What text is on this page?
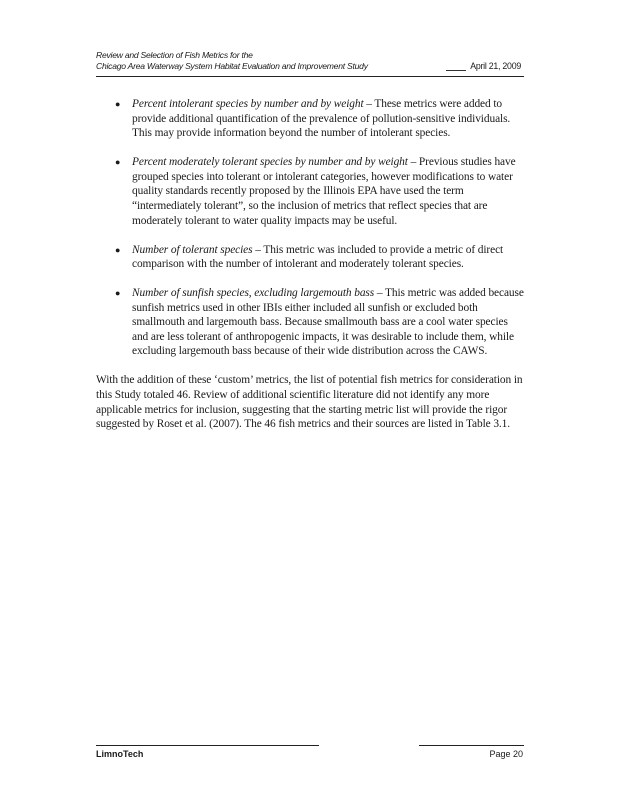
Review and Selection of Fish Metrics for the
Chicago Area Waterway System Habitat Evaluation and Improvement Study	April 21, 2009
● Percent intolerant species by number and by weight – These metrics were added to provide additional quantification of the prevalence of pollution-sensitive individuals. This may provide information beyond the number of intolerant species.
● Percent moderately tolerant species by number and by weight – Previous studies have grouped species into tolerant or intolerant categories, however modifications to water quality standards recently proposed by the Illinois EPA have used the term “intermediately tolerant”, so the inclusion of metrics that reflect species that are moderately tolerant to water quality impacts may be useful.
● Number of tolerant species – This metric was included to provide a metric of direct comparison with the number of intolerant and moderately tolerant species.
● Number of sunfish species, excluding largemouth bass – This metric was added because sunfish metrics used in other IBIs either included all sunfish or excluded both smallmouth and largemouth bass. Because smallmouth bass are a cool water species and are less tolerant of anthropogenic impacts, it was desirable to include them, while excluding largemouth bass because of their wide distribution across the CAWS.

With the addition of these ‘custom’ metrics, the list of potential fish metrics for consideration in this Study totaled 46. Review of additional scientific literature did not identify any more applicable metrics for inclusion, suggesting that the starting metric list will provide the rigor suggested by Roset et al. (2007). The 46 fish metrics and their sources are listed in Table 3.1.

LimnoTech	Page 20
